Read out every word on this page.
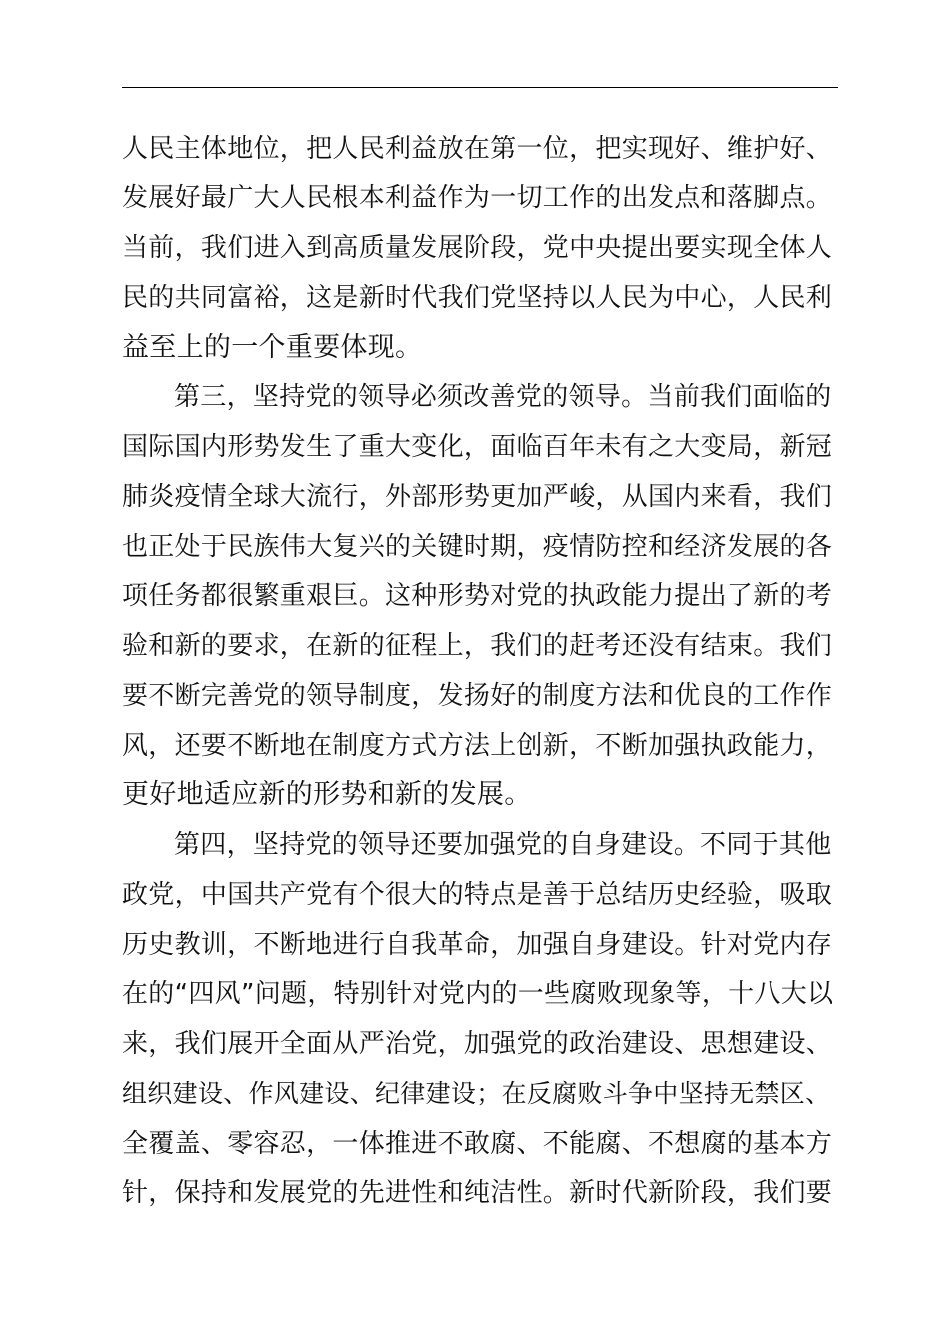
人民主体地位，把人民利益放在第一位，把实现好、维护好、
发展好最广大人民根本利益作为一切工作的出发点和落脚点。
当前，我们进入到高质量发展阶段，党中央提出要实现全体人
民的共同富裕，这是新时代我们党坚持以人民为中心，人民利
益至上的一个重要体现。
第三，坚持党的领导必须改善党的领导。当前我们面临的
国际国内形势发生了重大变化，面临百年未有之大变局，新冠
肺炎疫情全球大流行，外部形势更加严峻，从国内来看，我们
也正处于民族伟大复兴的关键时期，疫情防控和经济发展的各
项任务都很繁重艰巨。这种形势对党的执政能力提出了新的考
验和新的要求，在新的征程上，我们的赶考还没有结束。我们
要不断完善党的领导制度，发扬好的制度方法和优良的工作作
风，还要不断地在制度方式方法上创新，不断加强执政能力，
更好地适应新的形势和新的发展。
第四，坚持党的领导还要加强党的自身建设。不同于其他
政党，中国共产党有个很大的特点是善于总结历史经验，吸取
历史教训，不断地进行自我革命，加强自身建设。针对党内存
在的“四风”问题，特别针对党内的一些腐败现象等，十八大以
来，我们展开全面从严治党，加强党的政治建设、思想建设、
组织建设、作风建设、纪律建设；在反腐败斗争中坚持无禁区、
全覆盖、零容忍，一体推进不敢腐、不能腐、不想腐的基本方
针，保持和发展党的先进性和纯洁性。新时代新阶段，我们要
